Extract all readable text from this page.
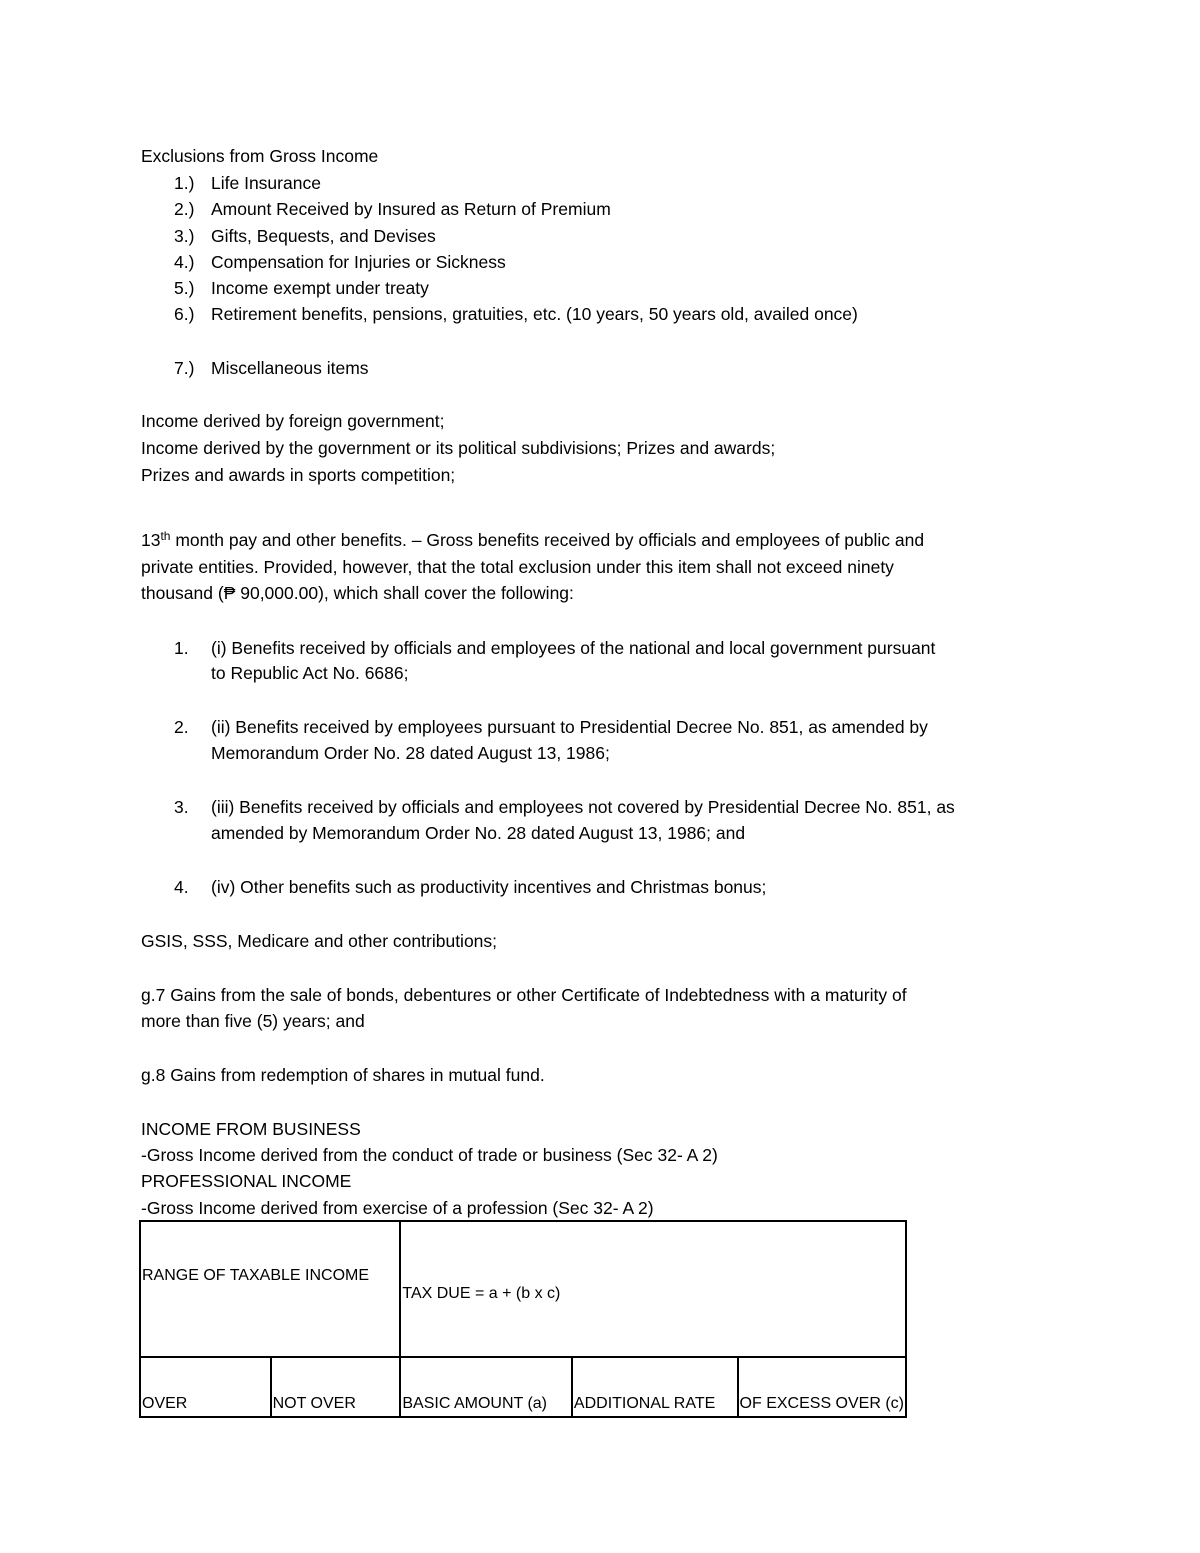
Exclusions from Gross Income
1.) Life Insurance
2.) Amount Received by Insured as Return of Premium
3.) Gifts, Bequests, and Devises
4.) Compensation for Injuries or Sickness
5.) Income exempt under treaty
6.) Retirement benefits, pensions, gratuities, etc. (10 years, 50 years old, availed once)
7.) Miscellaneous items
Income derived by foreign government;
Income derived by the government or its political subdivisions; Prizes and awards;
Prizes and awards in sports competition;
13th month pay and other benefits. – Gross benefits received by officials and employees of public and
private entities. Provided, however, that the total exclusion under this item shall not exceed ninety
thousand (₱ 90,000.00), which shall cover the following:
1. (i) Benefits received by officials and employees of the national and local government pursuant
to Republic Act No. 6686;
2. (ii) Benefits received by employees pursuant to Presidential Decree No. 851, as amended by
Memorandum Order No. 28 dated August 13, 1986;
3. (iii) Benefits received by officials and employees not covered by Presidential Decree No. 851, as
amended by Memorandum Order No. 28 dated August 13, 1986; and
4. (iv) Other benefits such as productivity incentives and Christmas bonus;
GSIS, SSS, Medicare and other contributions;
g.7 Gains from the sale of bonds, debentures or other Certificate of Indebtedness with a maturity of
more than five (5) years; and
g.8 Gains from redemption of shares in mutual fund.
INCOME FROM BUSINESS
-Gross Income derived from the conduct of trade or business (Sec 32- A 2)
PROFESSIONAL INCOME
-Gross Income derived from exercise of a profession (Sec 32- A 2)
RANGE OF TAXABLE INCOME		TAX DUE = a + (b x c)		
OVER	NOT OVER	BASIC AMOUNT (a)	ADDITIONAL RATE	OF EXCESS OVER (c)
